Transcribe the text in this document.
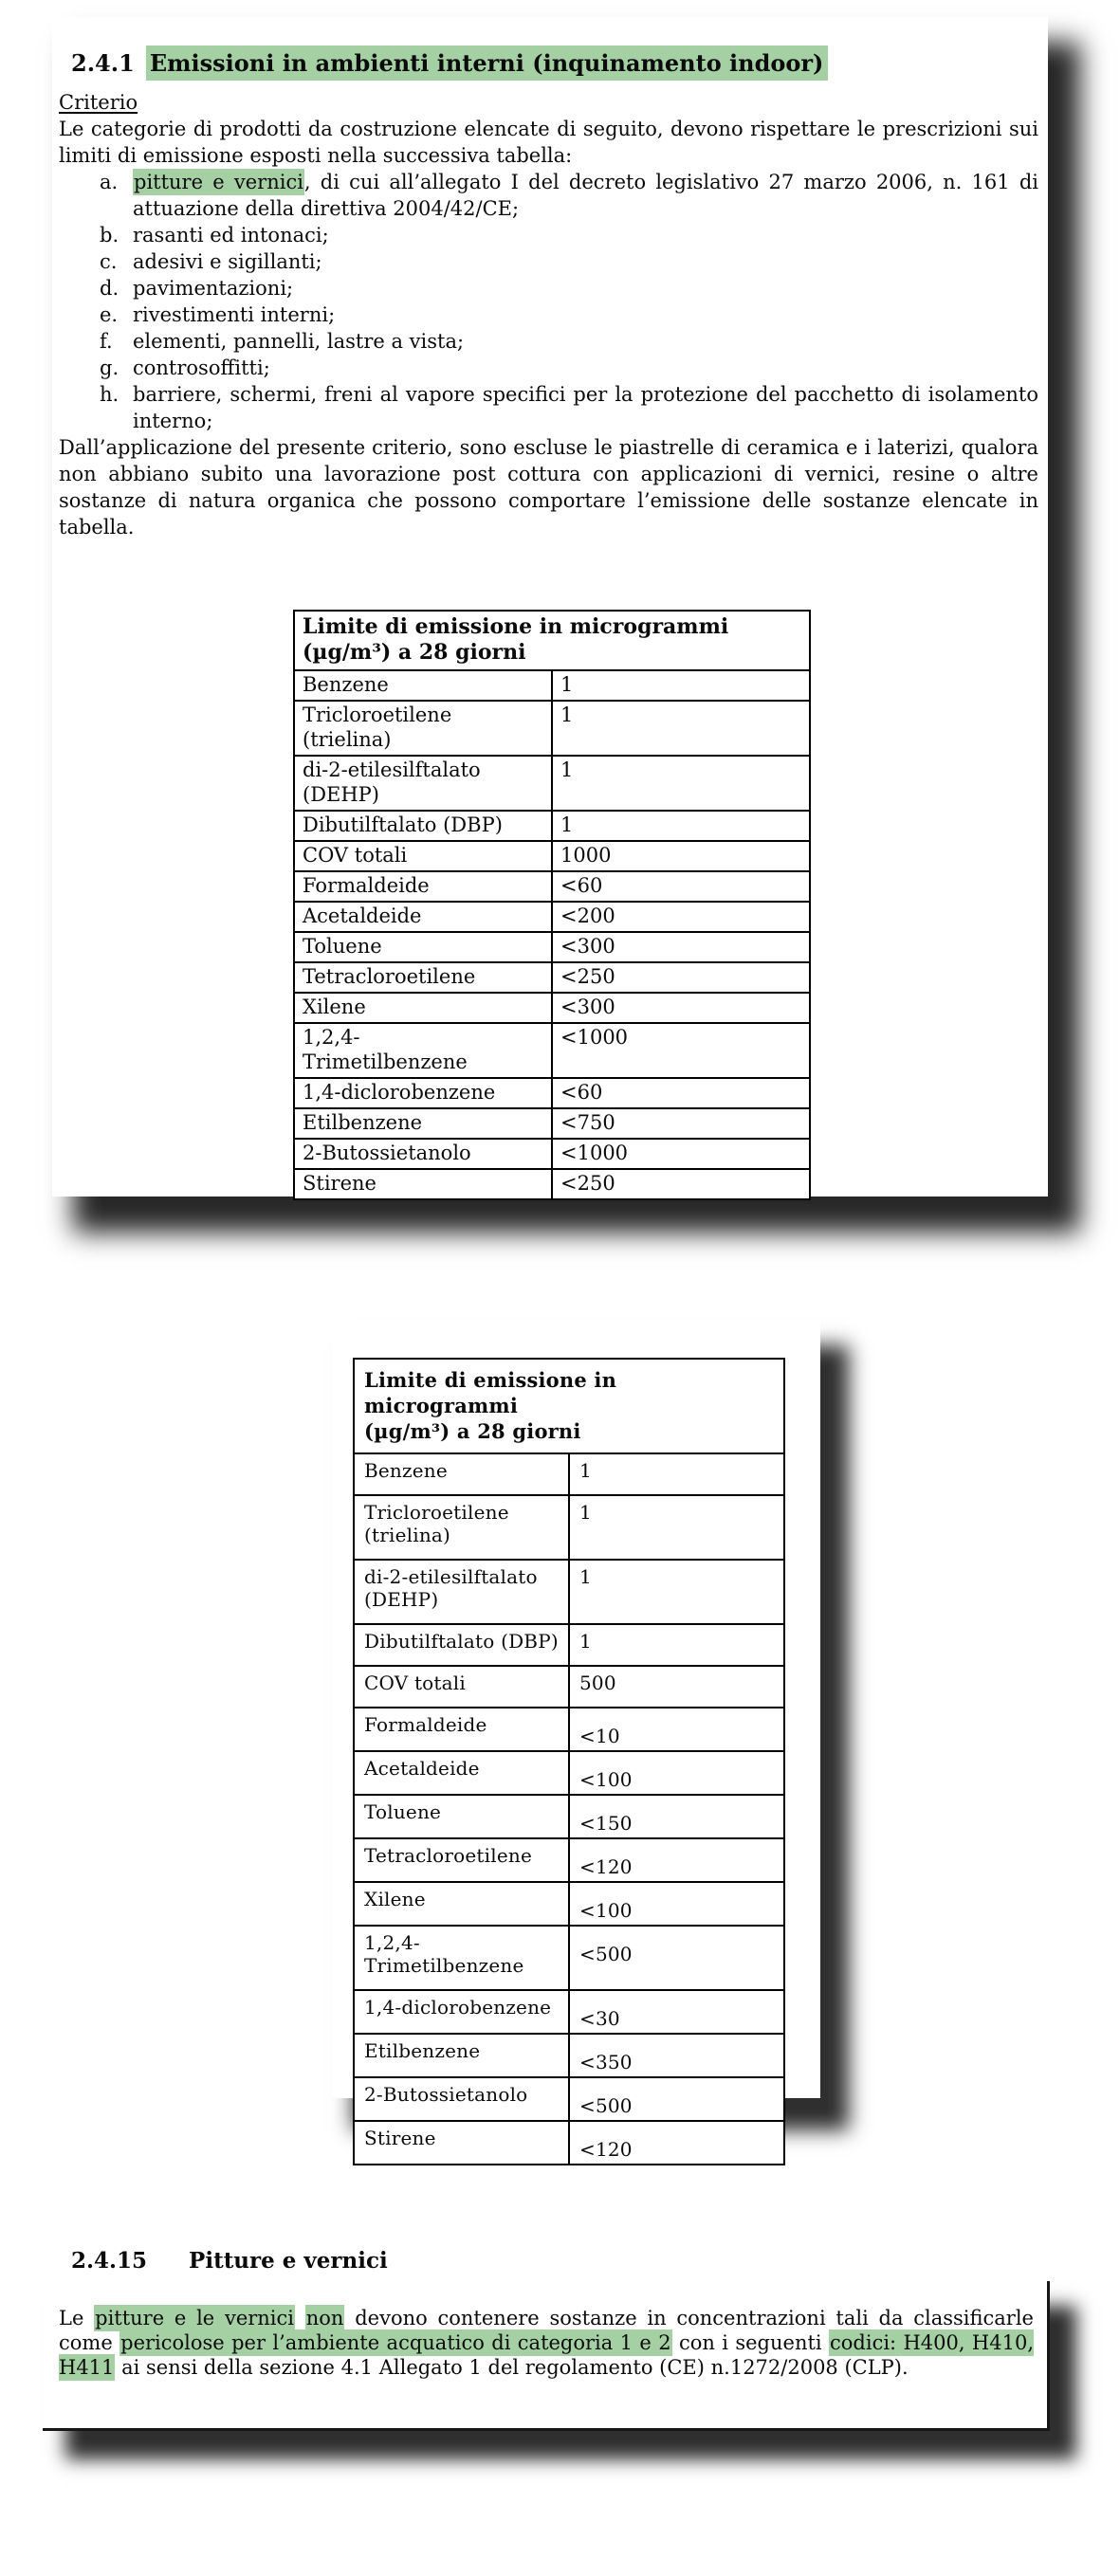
2.4.1 Emissioni in ambienti interni (inquinamento indoor)
Criterio

Le categorie di prodotti da costruzione elencate di seguito, devono rispettare le prescrizioni sui limiti di emissione esposti nella successiva tabella:

a. pitture e vernici, di cui all’allegato I del decreto legislativo 27 marzo 2006, n. 161 di attuazione della direttiva 2004/42/CE;
b. rasanti ed intonaci;
c. adesivi e sigillanti;
d. pavimentazioni;
e. rivestimenti interni;
f. elementi, pannelli, lastre a vista;
g. controsoffitti;
h. barriere, schermi, freni al vapore specifici per la protezione del pacchetto di isolamento interno;

Dall’applicazione del presente criterio, sono escluse le piastrelle di ceramica e i laterizi, qualora non abbiano subito una lavorazione post cottura con applicazioni di vernici, resine o altre sostanze di natura organica che possono comportare l’emissione delle sostanze elencate in tabella.

Limite di emissione in microgrammi
(µg/m³) a 28 giorni	
Benzene	1
Tricloroetilene
(trielina)	1
di-2-etilesilftalato
(DEHP)	1
Dibutilftalato (DBP)	1
COV totali	1000
Formaldeide	<60
Acetaldeide	<200
Toluene	<300
Tetracloroetilene	<250
Xilene	<300
1,2,4-
Trimetilbenzene	<1000
1,4-diclorobenzene	<60
Etilbenzene	<750
2-Butossietanolo	<1000
Stirene	<250
Limite di emissione in microgrammi
(µg/m³) a 28 giorni	
Benzene	1
Tricloroetilene
(trielina)	1
di-2-etilesilftalato
(DEHP)	1
Dibutilftalato (DBP)	1
COV totali	500
Formaldeide	<10
Acetaldeide	<100
Toluene	<150
Tetracloroetilene	<120
Xilene	<100
1,2,4-
Trimetilbenzene	<500
1,4-diclorobenzene	<30
Etilbenzene	<350
2-Butossietanolo	<500
Stirene	<120
2.4.15 Pitture e vernici

Le pitture e le vernici non devono contenere sostanze in concentrazioni tali da classificarle come pericolose per l’ambiente acquatico di categoria 1 e 2 con i seguenti codici: H400, H410, H411 ai sensi della sezione 4.1 Allegato 1 del regolamento (CE) n.1272/2008 (CLP).
